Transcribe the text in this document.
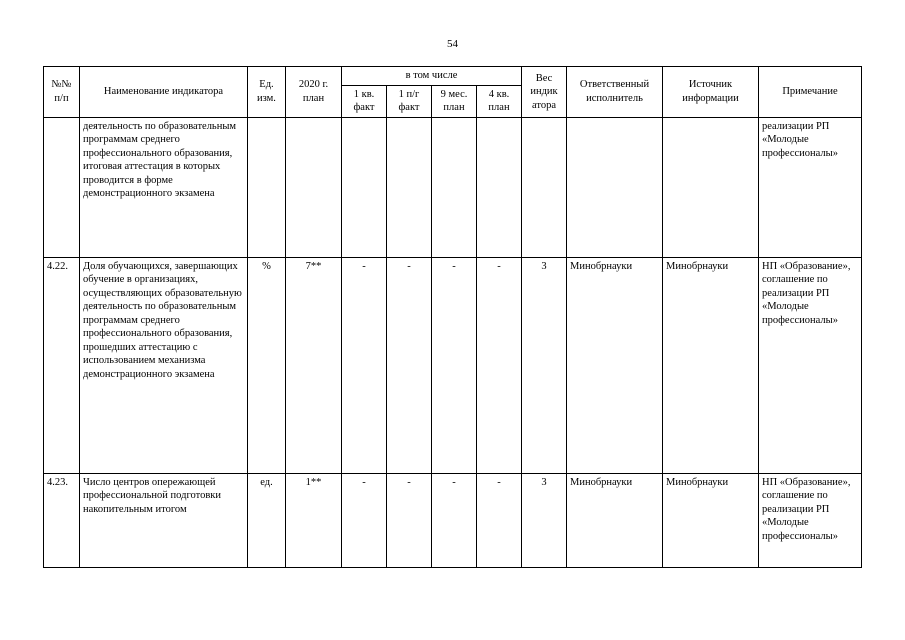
54
№№ п/п	Наименование индикатора	Ед. изм.	2020 г. план	в том числе				Вес индик атора	Ответственный исполнитель	Источник информации	Примечание
				1 кв. факт	1 п/г факт	9 мес. план	4 кв. план				
	деятельность по образовательным программам среднего профессионального образования, итоговая аттестация в которых проводится в форме демонстрационного экзамена										реализации РП «Молодые профессионалы»
4.22.	Доля обучающихся, завершающих обучение в организациях, осуществляющих образовательную деятельность по образовательным программам среднего профессионального образования, прошедших аттестацию с использованием механизма демонстрационного экзамена	%	7**	-	-	-	-	3	Минобрнауки	Минобрнауки	НП «Образование», соглашение по реализации РП «Молодые профессионалы»
4.23.	Число центров опережающей профессиональной подготовки накопительным итогом	ед.	1**	-	-	-	-	3	Минобрнауки	Минобрнауки	НП «Образование», соглашение по реализации РП «Молодые профессионалы»
